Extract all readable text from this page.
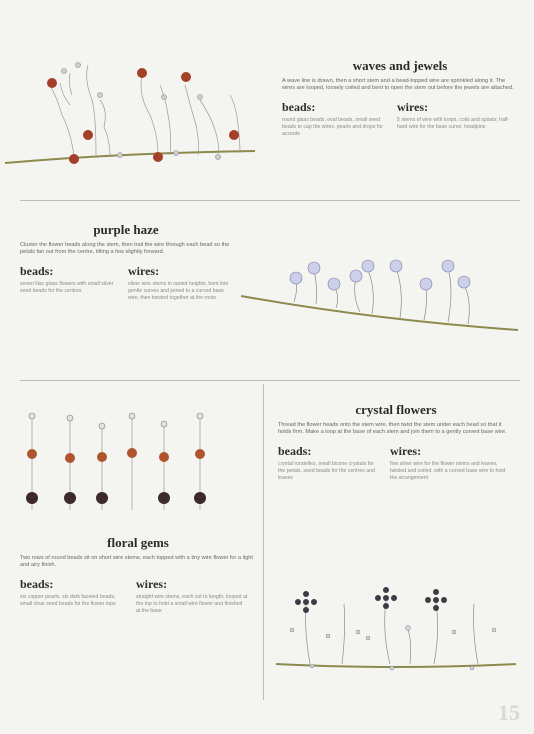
waves and jewels
A wave line is drawn, then a short stem and a bead-topped wire are sprinkled along it. The wires are looped, loosely coiled and bent to open the stem out before the jewels are attached.
beads:
round glass beads, oval beads, small seed beads to cap the wires, pearls and drops for accents
wires:
5 stems of wire with loops, coils and spirals; half-hard wire for the base curve; headpins
purple haze
Cluster the flower heads along the stem, then trail the wire through each bead so the petals fan out from the centre, tilting a few slightly forward.
beads:
seven lilac glass flowers with small silver seed beads for the centres
wires:
silver wire stems in varied heights, bent into gentle curves and joined to a curved base wire, then twisted together at the roots
floral gems
Two rows of round beads sit on short wire stems, each topped with a tiny wire flower for a light and airy finish.
beads:
six copper pearls, six dark faceted beads, small clear seed beads for the flower tops
wires:
straight wire stems, each cut to length, looped at the top to hold a small wire flower and finished at the base
crystal flowers
Thread the flower heads onto the stem wire, then twist the stem under each head so that it holds firm. Make a loop at the base of each stem and join them to a gently curved base wire.
beads:
crystal rondelles, small bicone crystals for the petals, seed beads for the centres and leaves
wires:
fine silver wire for the flower stems and leaves, twisted and coiled, with a curved base wire to hold the arrangement
15
